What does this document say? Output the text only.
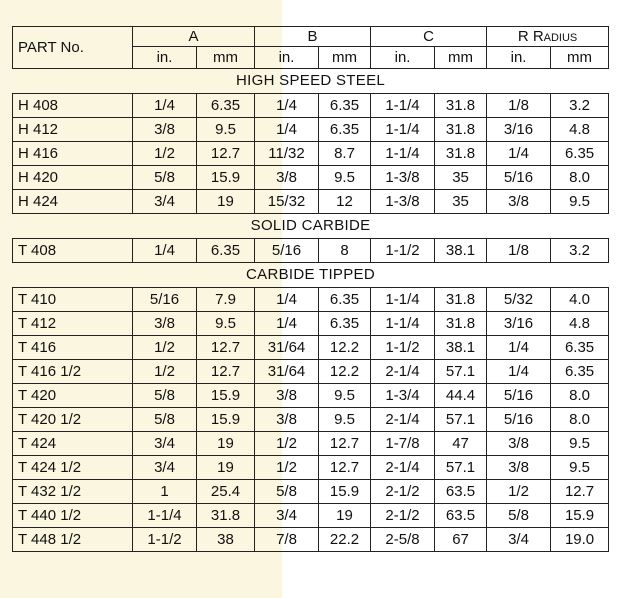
PART No.	A		B		C		R Radius	
	in.	mm	in.	mm	in.	mm	in.	mm
HIGH SPEED STEEL								
H 408	1/4	6.35	1/4	6.35	1-1/4	31.8	1/8	3.2
H 412	3/8	9.5	1/4	6.35	1-1/4	31.8	3/16	4.8
H 416	1/2	12.7	11/32	8.7	1-1/4	31.8	1/4	6.35
H 420	5/8	15.9	3/8	9.5	1-3/8	35	5/16	8.0
H 424	3/4	19	15/32	12	1-3/8	35	3/8	9.5
SOLID CARBIDE								
T 408	1/4	6.35	5/16	8	1-1/2	38.1	1/8	3.2
CARBIDE TIPPED								
T 410	5/16	7.9	1/4	6.35	1-1/4	31.8	5/32	4.0
T 412	3/8	9.5	1/4	6.35	1-1/4	31.8	3/16	4.8
T 416	1/2	12.7	31/64	12.2	1-1/2	38.1	1/4	6.35
T 416 1/2	1/2	12.7	31/64	12.2	2-1/4	57.1	1/4	6.35
T 420	5/8	15.9	3/8	9.5	1-3/4	44.4	5/16	8.0
T 420 1/2	5/8	15.9	3/8	9.5	2-1/4	57.1	5/16	8.0
T 424	3/4	19	1/2	12.7	1-7/8	47	3/8	9.5
T 424 1/2	3/4	19	1/2	12.7	2-1/4	57.1	3/8	9.5
T 432 1/2	1	25.4	5/8	15.9	2-1/2	63.5	1/2	12.7
T 440 1/2	1-1/4	31.8	3/4	19	2-1/2	63.5	5/8	15.9
T 448 1/2	1-1/2	38	7/8	22.2	2-5/8	67	3/4	19.0
